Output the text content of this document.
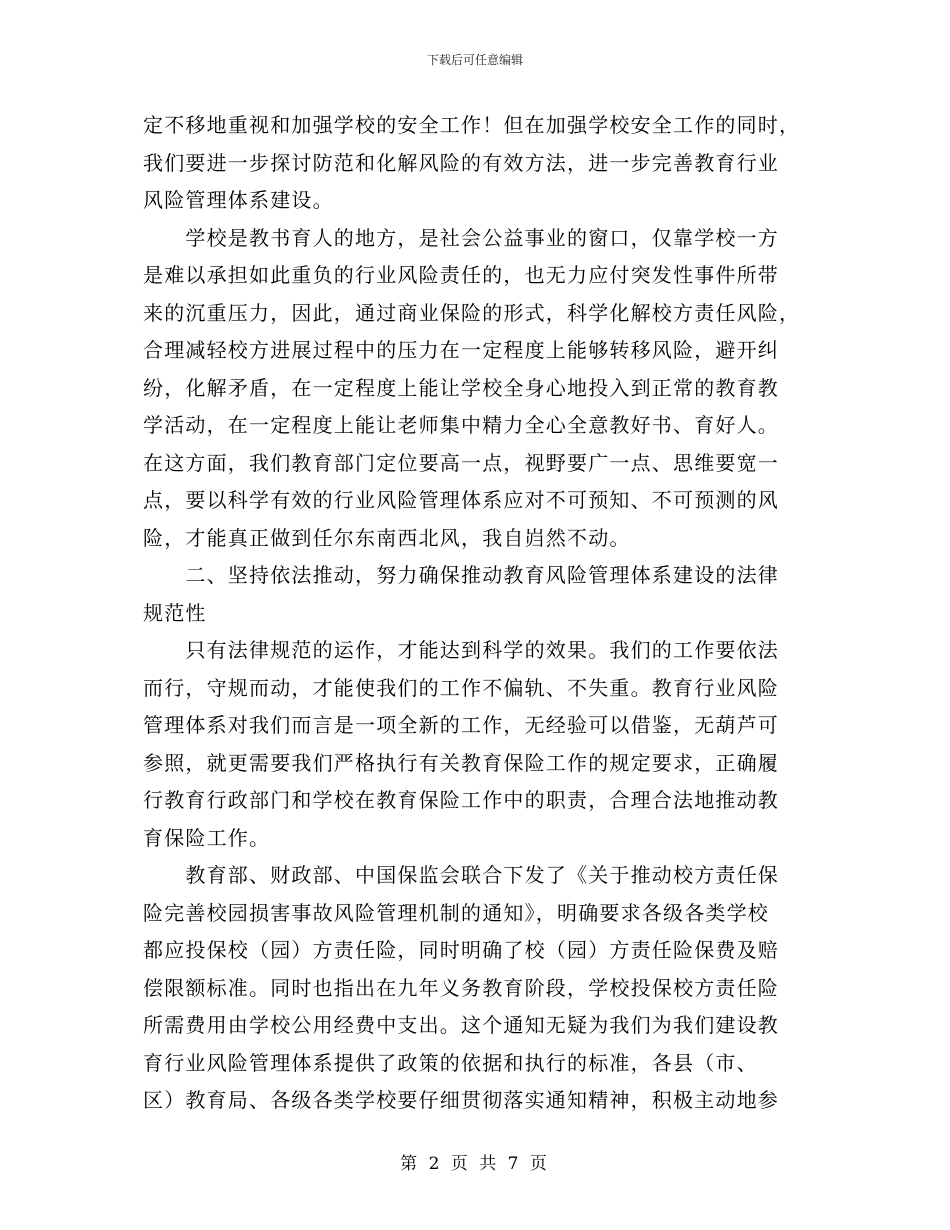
下载后可任意编辑
定不移地重视和加强学校的安全工作！但在加强学校安全工作的同时，
我们要进一步探讨防范和化解风险的有效方法，进一步完善教育行业
风险管理体系建设。
　　学校是教书育人的地方，是社会公益事业的窗口，仅靠学校一方
是难以承担如此重负的行业风险责任的，也无力应付突发性事件所带
来的沉重压力，因此，通过商业保险的形式，科学化解校方责任风险，
合理减轻校方进展过程中的压力在一定程度上能够转移风险，避开纠
纷，化解矛盾，在一定程度上能让学校全身心地投入到正常的教育教
学活动，在一定程度上能让老师集中精力全心全意教好书、育好人。
在这方面，我们教育部门定位要高一点，视野要广一点、思维要宽一
点，要以科学有效的行业风险管理体系应对不可预知、不可预测的风
险，才能真正做到任尔东南西北风，我自岿然不动。
　　二、坚持依法推动，努力确保推动教育风险管理体系建设的法律
规范性
　　只有法律规范的运作，才能达到科学的效果。我们的工作要依法
而行，守规而动，才能使我们的工作不偏轨、不失重。教育行业风险
管理体系对我们而言是一项全新的工作，无经验可以借鉴，无葫芦可
参照，就更需要我们严格执行有关教育保险工作的规定要求，正确履
行教育行政部门和学校在教育保险工作中的职责，合理合法地推动教
育保险工作。
　　教育部、财政部、中国保监会联合下发了《关于推动校方责任保
险完善校园损害事故风险管理机制的通知》，明确要求各级各类学校
都应投保校（园）方责任险，同时明确了校（园）方责任险保费及赔
偿限额标准。同时也指出在九年义务教育阶段，学校投保校方责任险
所需费用由学校公用经费中支出。这个通知无疑为我们为我们建设教
育行业风险管理体系提供了政策的依据和执行的标准，各县（市、
区）教育局、各级各类学校要仔细贯彻落实通知精神，积极主动地参
第 2 页 共 7 页
